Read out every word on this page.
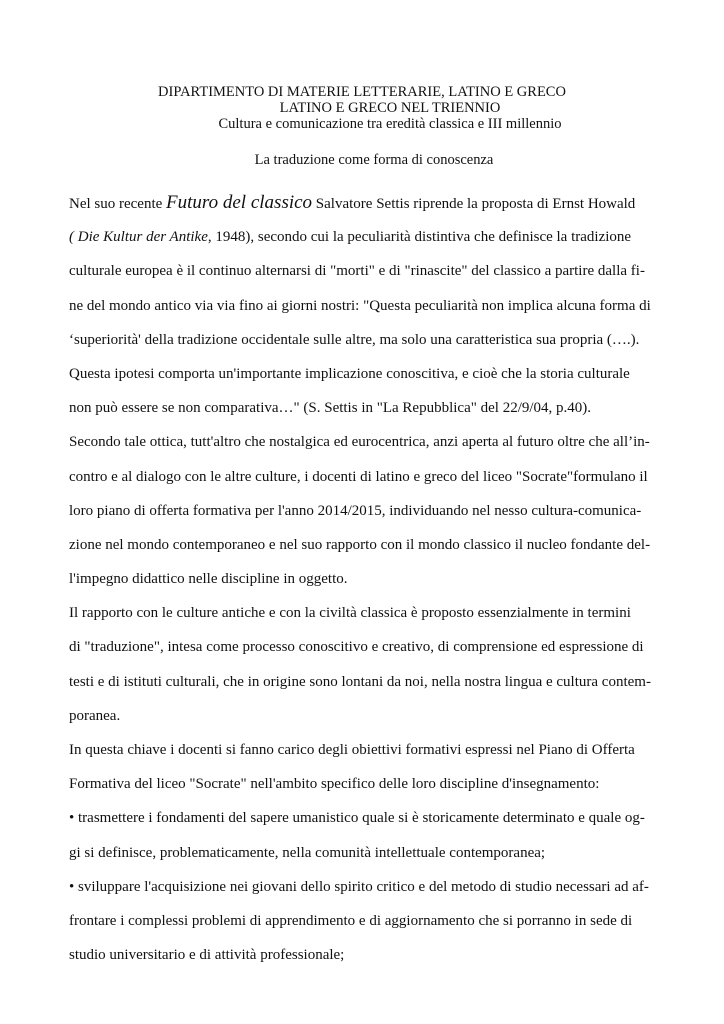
DIPARTIMENTO DI MATERIE LETTERARIE, LATINO E GRECO
LATINO E GRECO NEL TRIENNIO
Cultura e comunicazione tra eredità classica e III millennio
La traduzione come forma di conoscenza
Nel suo recente Futuro del classico Salvatore Settis riprende la proposta di Ernst Howald
( Die Kultur der Antike, 1948), secondo cui la peculiarità distintiva che definisce la tradizione
culturale europea è il continuo alternarsi di "morti" e di "rinascite" del classico a partire dalla fi-
ne del mondo antico via via fino ai giorni nostri: "Questa peculiarità non implica alcuna forma di
‘superiorità' della tradizione occidentale sulle altre, ma solo una caratteristica sua propria (….).
Questa ipotesi comporta un'importante implicazione conoscitiva, e cioè che la storia culturale
non può essere se non comparativa…" (S. Settis in "La Repubblica" del 22/9/04, p.40).
Secondo tale ottica, tutt'altro che nostalgica ed eurocentrica, anzi aperta al futuro oltre che all’in-
contro e al dialogo con le altre culture, i docenti di latino e greco del liceo "Socrate"formulano il
loro piano di offerta formativa per l'anno 2014/2015, individuando nel nesso cultura-comunica-
zione nel mondo contemporaneo e nel suo rapporto con il mondo classico il nucleo fondante del-
l'impegno didattico nelle discipline in oggetto.
Il rapporto con le culture antiche e con la civiltà classica è proposto essenzialmente in termini
di "traduzione", intesa come processo conoscitivo e creativo, di comprensione ed espressione di
testi e di istituti culturali, che in origine sono lontani da noi, nella nostra lingua e cultura contem-
poranea.
In questa chiave i docenti si fanno carico degli obiettivi formativi espressi nel Piano di Offerta
Formativa del liceo "Socrate" nell'ambito specifico delle loro discipline d'insegnamento:
• trasmettere i fondamenti del sapere umanistico quale si è storicamente determinato e quale og-
gi si definisce, problematicamente, nella comunità intellettuale contemporanea;
• sviluppare l'acquisizione nei giovani dello spirito critico e del metodo di studio necessari ad af-
frontare i complessi problemi di apprendimento e di aggiornamento che si porranno in sede di
studio universitario e di attività professionale;
